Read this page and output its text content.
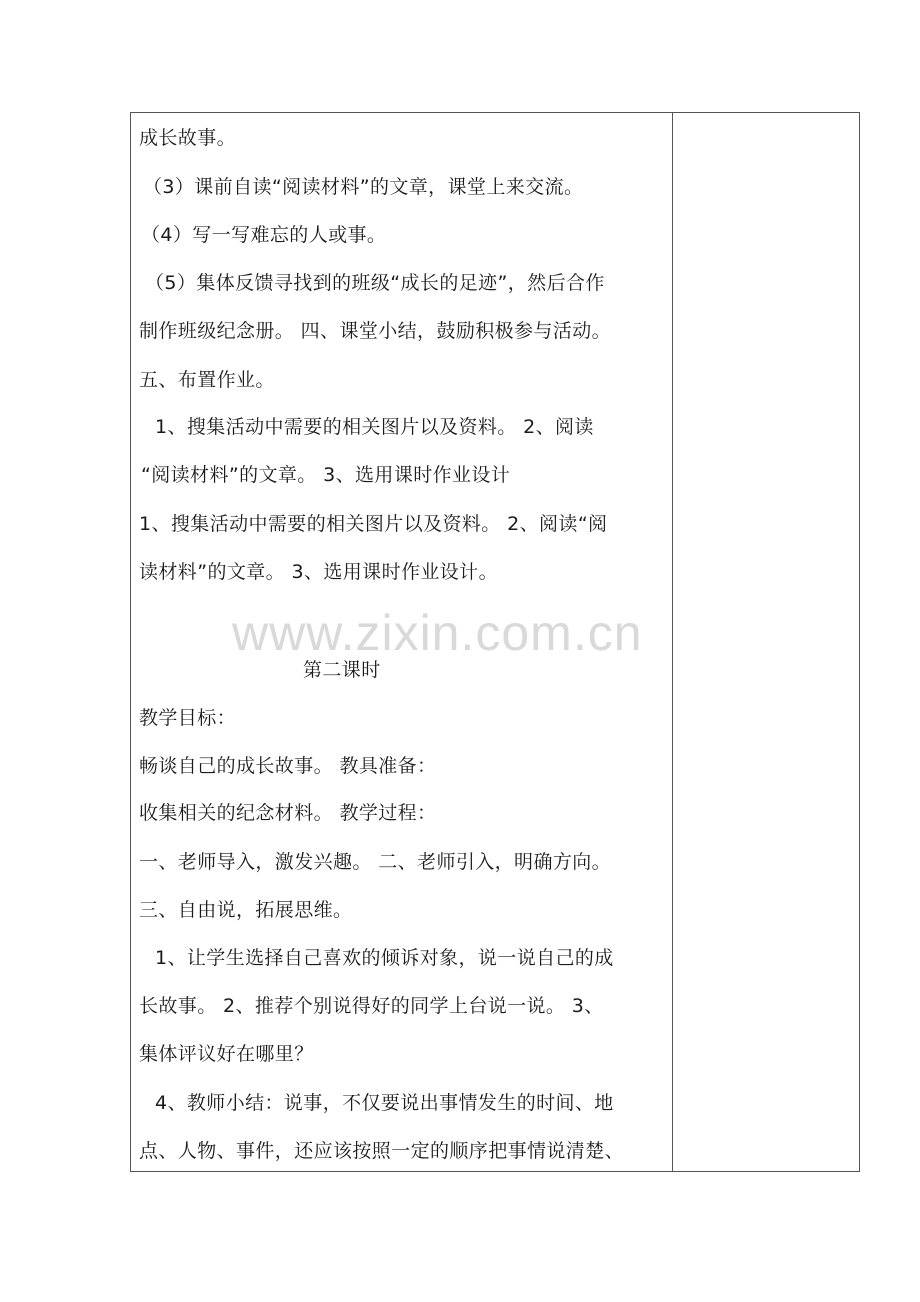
成长故事。
（3）课前自读“阅读材料”的文章，课堂上来交流。
（4）写一写难忘的人或事。
（5）集体反馈寻找到的班级“成长的足迹”，然后合作
制作班级纪念册。 四、课堂小结，鼓励积极参与活动。
五、布置作业。
1、搜集活动中需要的相关图片以及资料。 2、阅读
“阅读材料”的文章。 3、选用课时作业设计
1、搜集活动中需要的相关图片以及资料。 2、阅读“阅
读材料”的文章。 3、选用课时作业设计。
第二课时
教学目标：
畅谈自己的成长故事。 教具准备：
收集相关的纪念材料。 教学过程：
一、老师导入，激发兴趣。 二、老师引入，明确方向。
三、自由说，拓展思维。
1、让学生选择自己喜欢的倾诉对象，说一说自己的成
长故事。 2、推荐个别说得好的同学上台说一说。 3、
集体评议好在哪里？
4、教师小结：说事，不仅要说出事情发生的时间、地
点、人物、事件，还应该按照一定的顺序把事情说清楚、
www.zixin.com.cn
